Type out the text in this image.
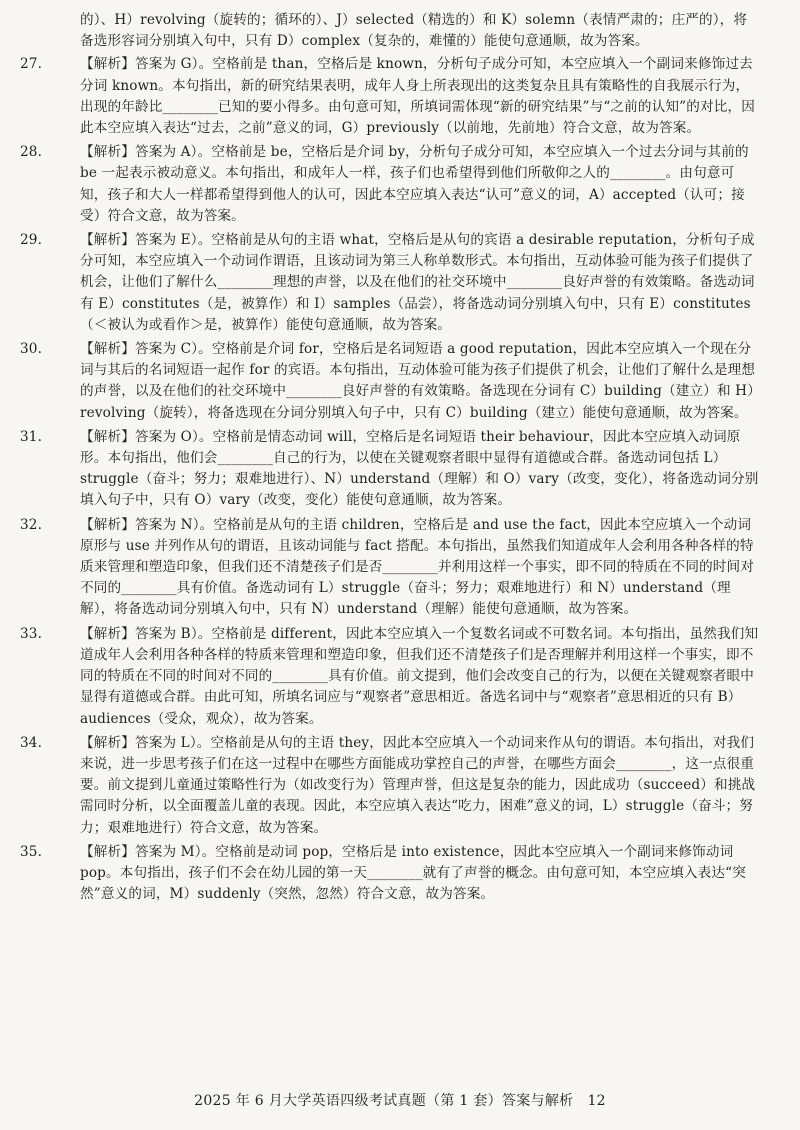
的）、H）revolving（旋转的；循环的）、J）selected（精选的）和 K）solemn（表情严肃的；庄严的），将备选形容词分别填入句中，只有 D）complex（复杂的，难懂的）能使句意通顺，故为答案。
27.	【解析】答案为 G）。空格前是 than，空格后是 known，分析句子成分可知，本空应填入一个副词来修饰过去分词 known。本句指出，新的研究结果表明，成年人身上所表现出的这类复杂且具有策略性的自我展示行为，出现的年龄比________已知的要小得多。由句意可知，所填词需体现“新的研究结果”与“之前的认知”的对比，因此本空应填入表达“过去，之前”意义的词，G）previously（以前地，先前地）符合文意，故为答案。
28.	【解析】答案为 A）。空格前是 be，空格后是介词 by，分析句子成分可知，本空应填入一个过去分词与其前的 be 一起表示被动意义。本句指出，和成年人一样，孩子们也希望得到他们所敬仰之人的________。由句意可知，孩子和大人一样都希望得到他人的认可，因此本空应填入表达“认可”意义的词，A）accepted（认可；接受）符合文意，故为答案。
29.	【解析】答案为 E）。空格前是从句的主语 what，空格后是从句的宾语 a desirable reputation，分析句子成分可知，本空应填入一个动词作谓语，且该动词为第三人称单数形式。本句指出，互动体验可能为孩子们提供了机会，让他们了解什么________理想的声誉，以及在他们的社交环境中________良好声誉的有效策略。备选动词有 E）constitutes（是，被算作）和 I）samples（品尝），将备选动词分别填入句中，只有 E）constitutes（＜被认为或看作＞是，被算作）能使句意通顺，故为答案。
30.	【解析】答案为 C）。空格前是介词 for，空格后是名词短语 a good reputation，因此本空应填入一个现在分词与其后的名词短语一起作 for 的宾语。本句指出，互动体验可能为孩子们提供了机会，让他们了解什么是理想的声誉，以及在他们的社交环境中________良好声誉的有效策略。备选现在分词有 C）building（建立）和 H）revolving（旋转），将备选现在分词分别填入句子中，只有 C）building（建立）能使句意通顺，故为答案。
31.	【解析】答案为 O）。空格前是情态动词 will，空格后是名词短语 their behaviour，因此本空应填入动词原形。本句指出，他们会________自己的行为，以使在关键观察者眼中显得有道德或合群。备选动词包括 L）struggle（奋斗；努力；艰难地进行）、N）understand（理解）和 O）vary（改变，变化），将备选动词分别填入句子中，只有 O）vary（改变，变化）能使句意通顺，故为答案。
32.	【解析】答案为 N）。空格前是从句的主语 children，空格后是 and use the fact，因此本空应填入一个动词原形与 use 并列作从句的谓语，且该动词能与 fact 搭配。本句指出，虽然我们知道成年人会利用各种各样的特质来管理和塑造印象，但我们还不清楚孩子们是否________并利用这样一个事实，即不同的特质在不同的时间对不同的________具有价值。备选动词有 L）struggle（奋斗；努力；艰难地进行）和 N）understand（理解），将备选动词分别填入句中，只有 N）understand（理解）能使句意通顺，故为答案。
33.	【解析】答案为 B）。空格前是 different，因此本空应填入一个复数名词或不可数名词。本句指出，虽然我们知道成年人会利用各种各样的特质来管理和塑造印象，但我们还不清楚孩子们是否理解并利用这样一个事实，即不同的特质在不同的时间对不同的________具有价值。前文提到，他们会改变自己的行为，以便在关键观察者眼中显得有道德或合群。由此可知，所填名词应与“观察者”意思相近。备选名词中与“观察者”意思相近的只有 B）audiences（受众，观众），故为答案。
34.	【解析】答案为 L）。空格前是从句的主语 they，因此本空应填入一个动词来作从句的谓语。本句指出，对我们来说，进一步思考孩子们在这一过程中在哪些方面能成功掌控自己的声誉，在哪些方面会________，这一点很重要。前文提到儿童通过策略性行为（如改变行为）管理声誉，但这是复杂的能力，因此成功（succeed）和挑战需同时分析，以全面覆盖儿童的表现。因此，本空应填入表达“吃力，困难”意义的词，L）struggle（奋斗；努力；艰难地进行）符合文意，故为答案。
35.	【解析】答案为 M）。空格前是动词 pop，空格后是 into existence，因此本空应填入一个副词来修饰动词 pop。本句指出，孩子们不会在幼儿园的第一天________就有了声誉的概念。由句意可知，本空应填入表达“突然”意义的词，M）suddenly（突然，忽然）符合文意，故为答案。
2025 年 6 月大学英语四级考试真题（第 1 套）答案与解析 12
